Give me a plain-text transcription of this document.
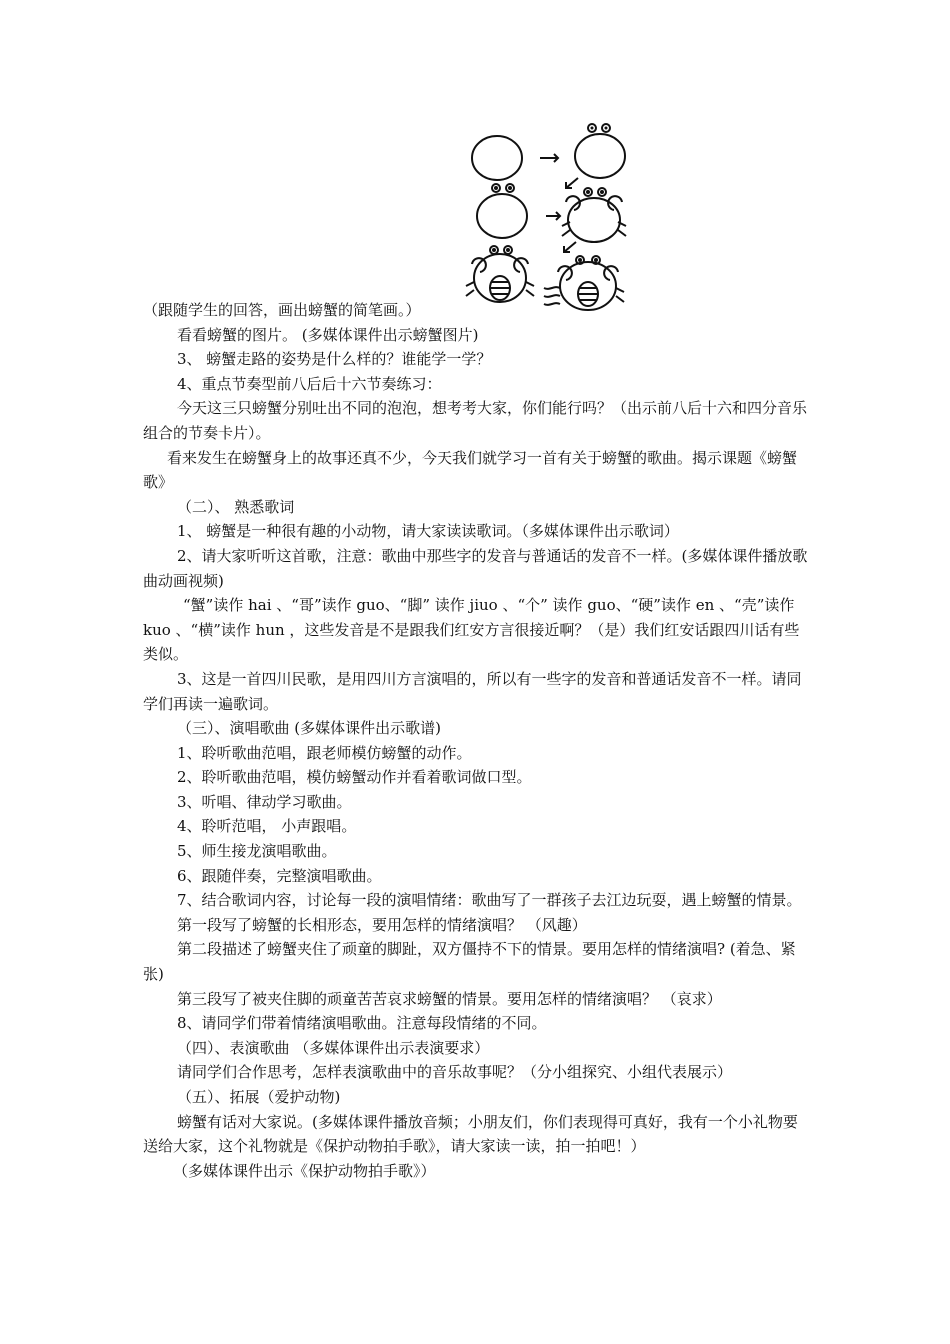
（跟随学生的回答，画出螃蟹的简笔画。）

看看螃蟹的图片。 (多媒体课件出示螃蟹图片)

3、 螃蟹走路的姿势是什么样的？谁能学一学？

4、重点节奏型前八后后十六节奏练习：

今天这三只螃蟹分别吐出不同的泡泡，想考考大家，你们能行吗？（出示前八后十六和四分音乐组合的节奏卡片）。

看来发生在螃蟹身上的故事还真不少，今天我们就学习一首有关于螃蟹的歌曲。揭示课题《螃蟹歌》

（二）、 熟悉歌词

1、 螃蟹是一种很有趣的小动物，请大家读读歌词。（多媒体课件出示歌词）

2、请大家听听这首歌，注意：歌曲中那些字的发音与普通话的发音不一样。(多媒体课件播放歌曲动画视频)

“蟹”读作 hai 、“哥”读作 guo、“脚” 读作 jiuo 、“个” 读作 guo、“硬”读作 en 、“壳”读作 kuo 、“横”读作 hun ，这些发音是不是跟我们红安方言很接近啊？（是）我们红安话跟四川话有些类似。

3、这是一首四川民歌，是用四川方言演唱的，所以有一些字的发音和普通话发音不一样。请同学们再读一遍歌词。

（三）、演唱歌曲 (多媒体课件出示歌谱)

1、聆听歌曲范唱，跟老师模仿螃蟹的动作。

2、聆听歌曲范唱，模仿螃蟹动作并看着歌词做口型。

3、听唱、律动学习歌曲。

4、聆听范唱， 小声跟唱。

5、师生接龙演唱歌曲。

6、跟随伴奏，完整演唱歌曲。

7、结合歌词内容，讨论每一段的演唱情绪：歌曲写了一群孩子去江边玩耍，遇上螃蟹的情景。

第一段写了螃蟹的长相形态，要用怎样的情绪演唱？ （风趣）

第二段描述了螃蟹夹住了顽童的脚趾，双方僵持不下的情景。要用怎样的情绪演唱? (着急、紧张)

第三段写了被夹住脚的顽童苦苦哀求螃蟹的情景。要用怎样的情绪演唱？ （哀求）

8、请同学们带着情绪演唱歌曲。注意每段情绪的不同。

（四）、表演歌曲 （多媒体课件出示表演要求）

请同学们合作思考，怎样表演歌曲中的音乐故事呢？（分小组探究、小组代表展示）

（五）、拓展（爱护动物)

螃蟹有话对大家说。(多媒体课件播放音频；小朋友们，你们表现得可真好，我有一个小礼物要送给大家，这个礼物就是《保护动物拍手歌》，请大家读一读，拍一拍吧！）

（多媒体课件出示《保护动物拍手歌》）
